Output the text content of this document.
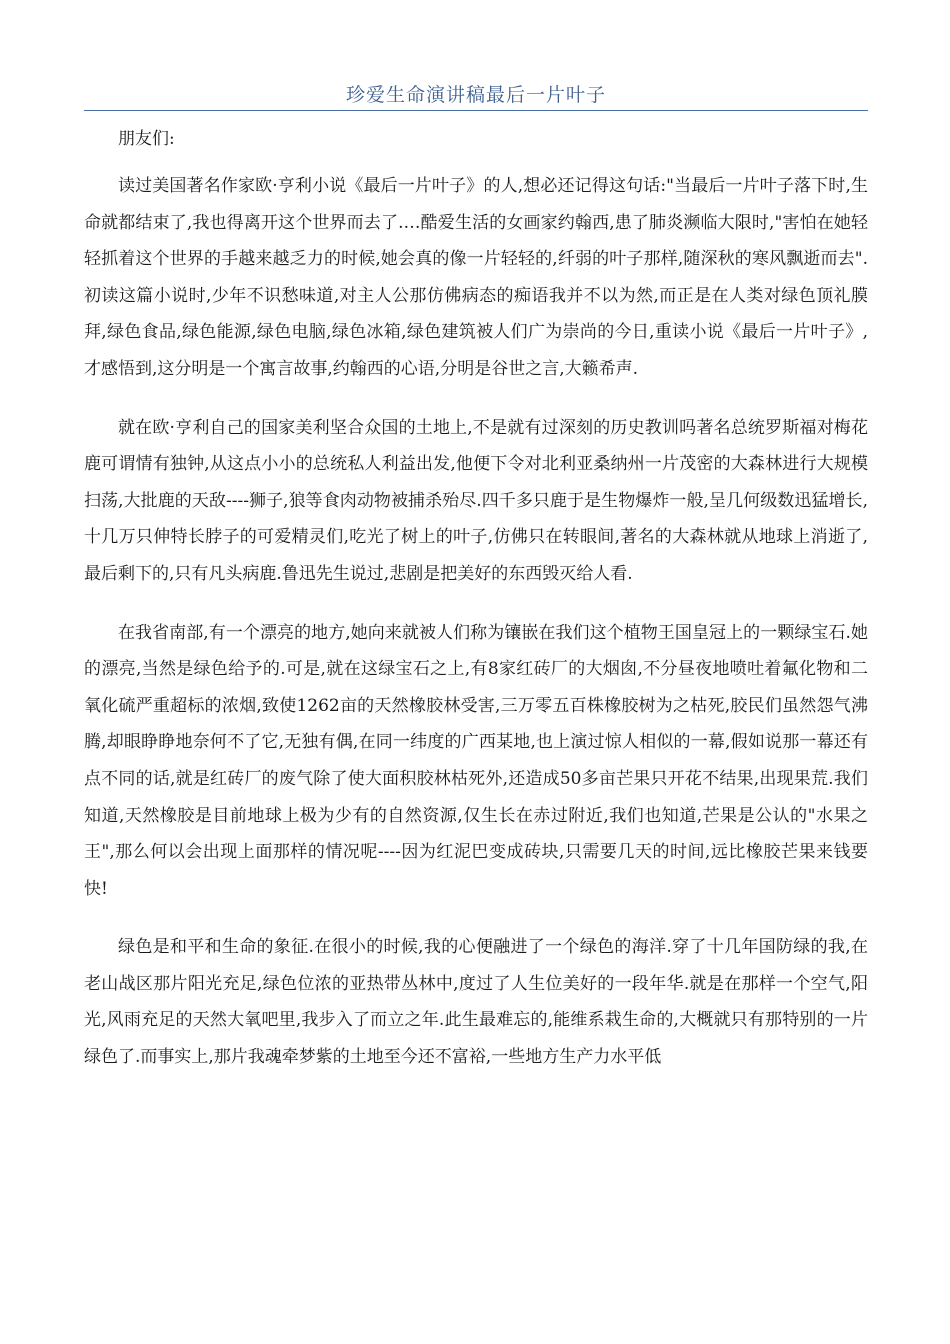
珍爱生命演讲稿最后一片叶子

朋友们:

读过美国著名作家欧·亨利小说《最后一片叶子》的人,想必还记得这句话:"当最后一片叶子落下时,生命就都结束了,我也得离开这个世界而去了.…酷爱生活的女画家约翰西,患了肺炎濒临大限时,"害怕在她轻轻抓着这个世界的手越来越乏力的时候,她会真的像一片轻轻的,纤弱的叶子那样,随深秋的寒风飘逝而去".初读这篇小说时,少年不识愁味道,对主人公那仿佛病态的痴语我并不以为然,而正是在人类对绿色顶礼膜拜,绿色食品,绿色能源,绿色电脑,绿色冰箱,绿色建筑被人们广为崇尚的今日,重读小说《最后一片叶子》,才感悟到,这分明是一个寓言故事,约翰西的心语,分明是谷世之言,大籁希声.

就在欧·亨利自己的国家美利坚合众国的土地上,不是就有过深刻的历史教训吗著名总统罗斯福对梅花鹿可谓情有独钟,从这点小小的总统私人利益出发,他便下令对北利亚桑纳州一片茂密的大森林进行大规模扫荡,大批鹿的天敌----狮子,狼等食肉动物被捕杀殆尽.四千多只鹿于是生物爆炸一般,呈几何级数迅猛增长,十几万只伸特长脖子的可爱精灵们,吃光了树上的叶子,仿佛只在转眼间,著名的大森林就从地球上消逝了,最后剩下的,只有凡头病鹿.鲁迅先生说过,悲剧是把美好的东西毁灭给人看.

在我省南部,有一个漂亮的地方,她向来就被人们称为镶嵌在我们这个植物王国皇冠上的一颗绿宝石.她的漂亮,当然是绿色给予的.可是,就在这绿宝石之上,有8家红砖厂的大烟囱,不分昼夜地喷吐着氟化物和二氧化硫严重超标的浓烟,致使1262亩的天然橡胶林受害,三万零五百株橡胶树为之枯死,胶民们虽然怨气沸腾,却眼睁睁地奈何不了它,无独有偶,在同一纬度的广西某地,也上演过惊人相似的一幕,假如说那一幕还有点不同的话,就是红砖厂的废气除了使大面积胶林枯死外,还造成50多亩芒果只开花不结果,出现果荒.我们知道,天然橡胶是目前地球上极为少有的自然资源,仅生长在赤过附近,我们也知道,芒果是公认的"水果之王",那么何以会出现上面那样的情况呢----因为红泥巴变成砖块,只需要几天的时间,远比橡胶芒果来钱要快!

绿色是和平和生命的象征.在很小的时候,我的心便融进了一个绿色的海洋.穿了十几年国防绿的我,在老山战区那片阳光充足,绿色位浓的亚热带丛林中,度过了人生位美好的一段年华.就是在那样一个空气,阳光,风雨充足的天然大氧吧里,我步入了而立之年.此生最难忘的,能维系栽生命的,大概就只有那特别的一片绿色了.而事实上,那片我魂牵梦紫的土地至今还不富裕,一些地方生产力水平低
